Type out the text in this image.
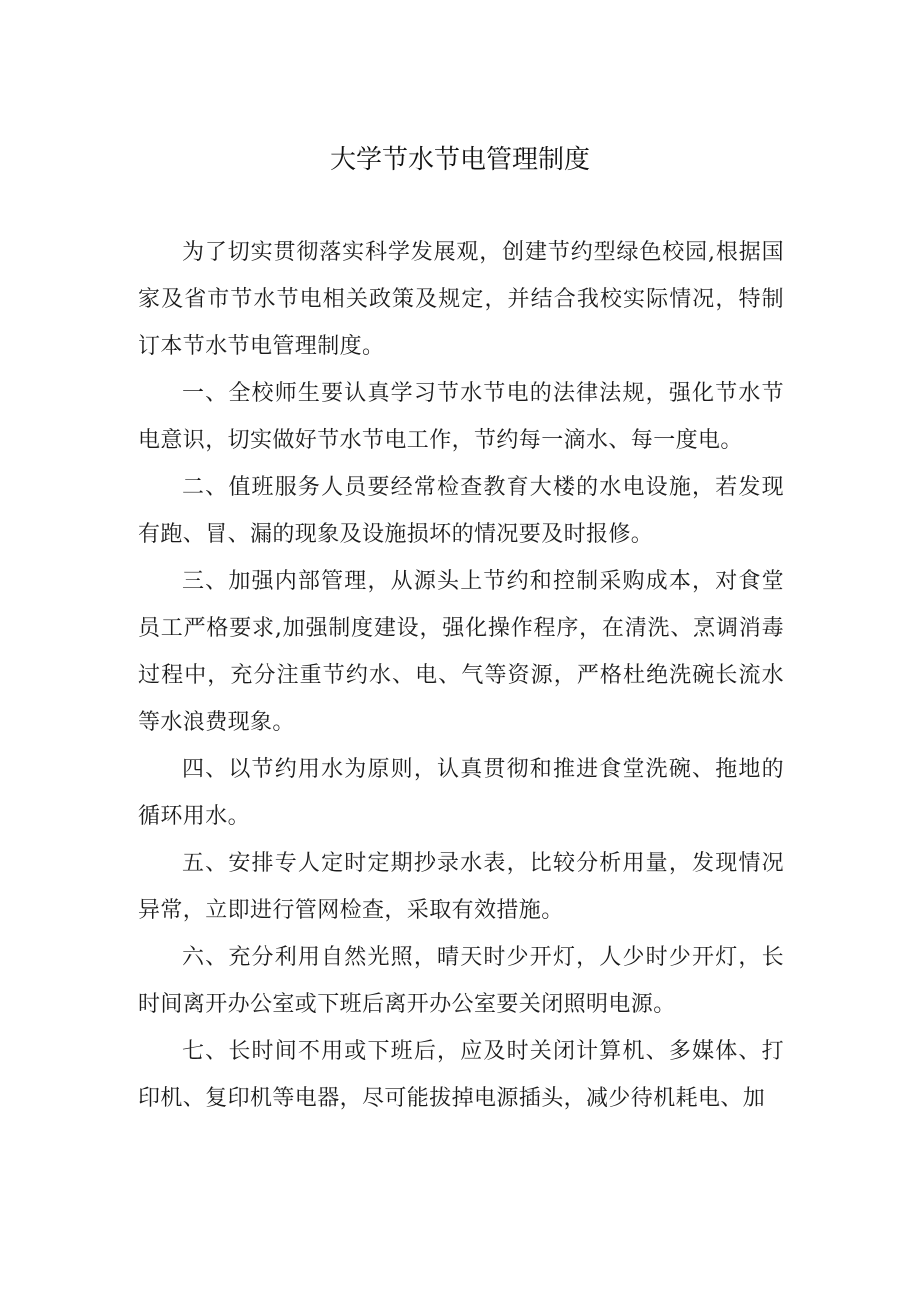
大学节水节电管理制度

为了切实贯彻落实科学发展观，创建节约型绿色校园,根据国家及省市节水节电相关政策及规定，并结合我校实际情况，特制订本节水节电管理制度。

一、全校师生要认真学习节水节电的法律法规，强化节水节电意识，切实做好节水节电工作，节约每一滴水、每一度电。

二、值班服务人员要经常检查教育大楼的水电设施，若发现有跑、冒、漏的现象及设施损坏的情况要及时报修。

三、加强内部管理，从源头上节约和控制采购成本，对食堂员工严格要求,加强制度建设，强化操作程序，在清洗、烹调消毒过程中，充分注重节约水、电、气等资源，严格杜绝洗碗长流水等水浪费现象。

四、以节约用水为原则，认真贯彻和推进食堂洗碗、拖地的循环用水。

五、安排专人定时定期抄录水表，比较分析用量，发现情况异常，立即进行管网检查，采取有效措施。

六、充分利用自然光照，晴天时少开灯，人少时少开灯，长时间离开办公室或下班后离开办公室要关闭照明电源。

七、长时间不用或下班后，应及时关闭计算机、多媒体、打印机、复印机等电器，尽可能拔掉电源插头，减少待机耗电、加
